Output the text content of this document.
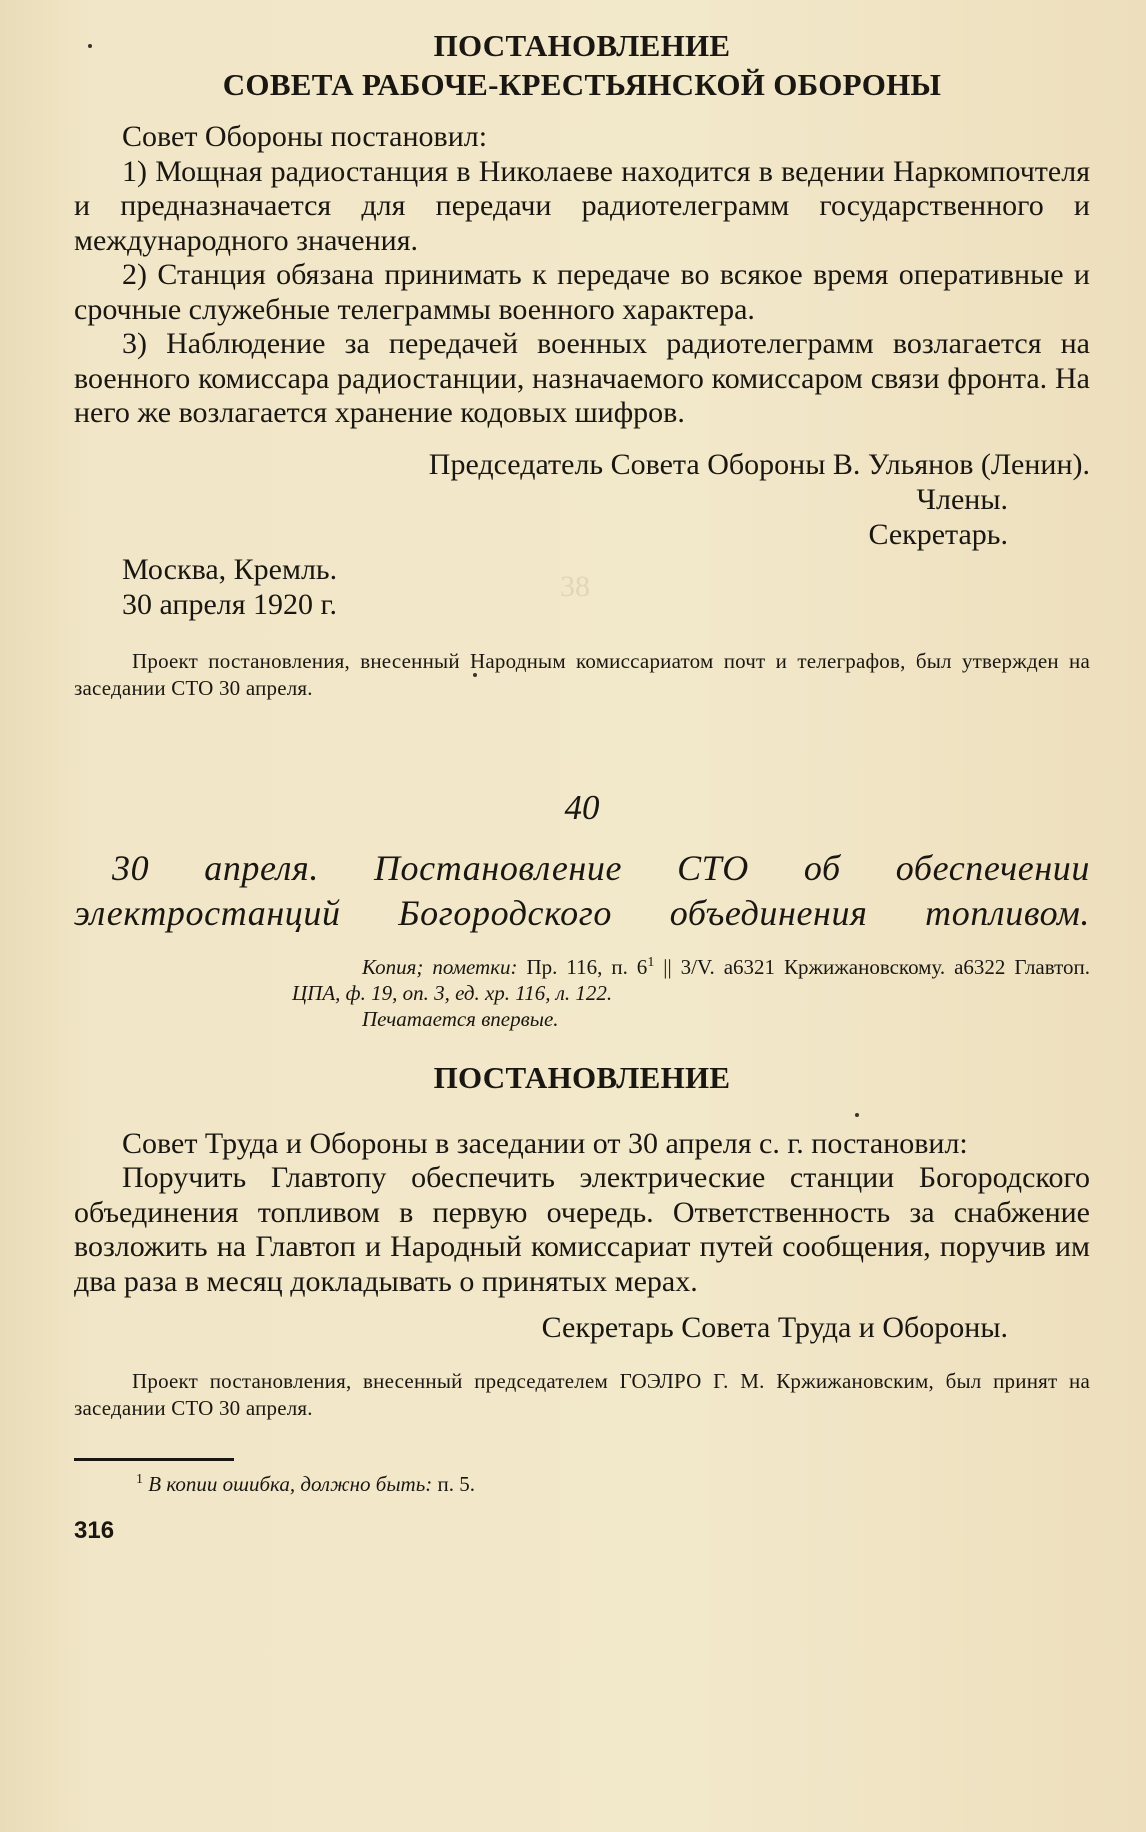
38
ПОСТАНОВЛЕНИЕ
СОВЕТА РАБОЧЕ-КРЕСТЬЯНСКОЙ ОБОРОНЫ

Совет Обороны постановил:

1) Мощная радиостанция в Николаеве находится в ведении Наркомпочтеля и предназначается для передачи радиотелеграмм государственного и международного значения.

2) Станция обязана принимать к передаче во всякое время оперативные и срочные служебные телеграммы военного характера.

3) Наблюдение за передачей военных радиотелеграмм возлагается на военного комиссара радиостанции, назначаемого комиссаром связи фронта. На него же возлагается хранение кодовых шифров.

Председатель Совета Обороны В. Ульянов (Ленин).
Члены.
Секретарь.

Москва, Кремль.

30 апреля 1920 г.

Проект постановления, внесенный Народным комиссариатом почт и телеграфов, был утвержден на заседании СТО 30 апреля.

40

30 апреля. Постановление СТО об обеспечении
электростанций Богородского объединения топливом.

Копия; пометки: Пр. 116, п. $6^1$ || 3/V. а6321 Кржижановскому. а6322 Главтоп. ЦПА, ф. 19, оп. 3, ед. хр. 116, л. 122.

Печатается впервые.

ПОСТАНОВЛЕНИЕ

Совет Труда и Обороны в заседании от 30 апреля с. г. постановил:

Поручить Главтопу обеспечить электрические станции Богородского объединения топливом в первую очередь. Ответственность за снабжение возложить на Главтоп и Народный комиссариат путей сообщения, поручив им два раза в месяц докладывать о принятых мерах.

Секретарь Совета Труда и Обороны.

Проект постановления, внесенный председателем ГОЭЛРО Г. М. Кржижановским, был принят на заседании СТО 30 апреля.

$^1$ В копии ошибка, должно быть: п. 5.

316
